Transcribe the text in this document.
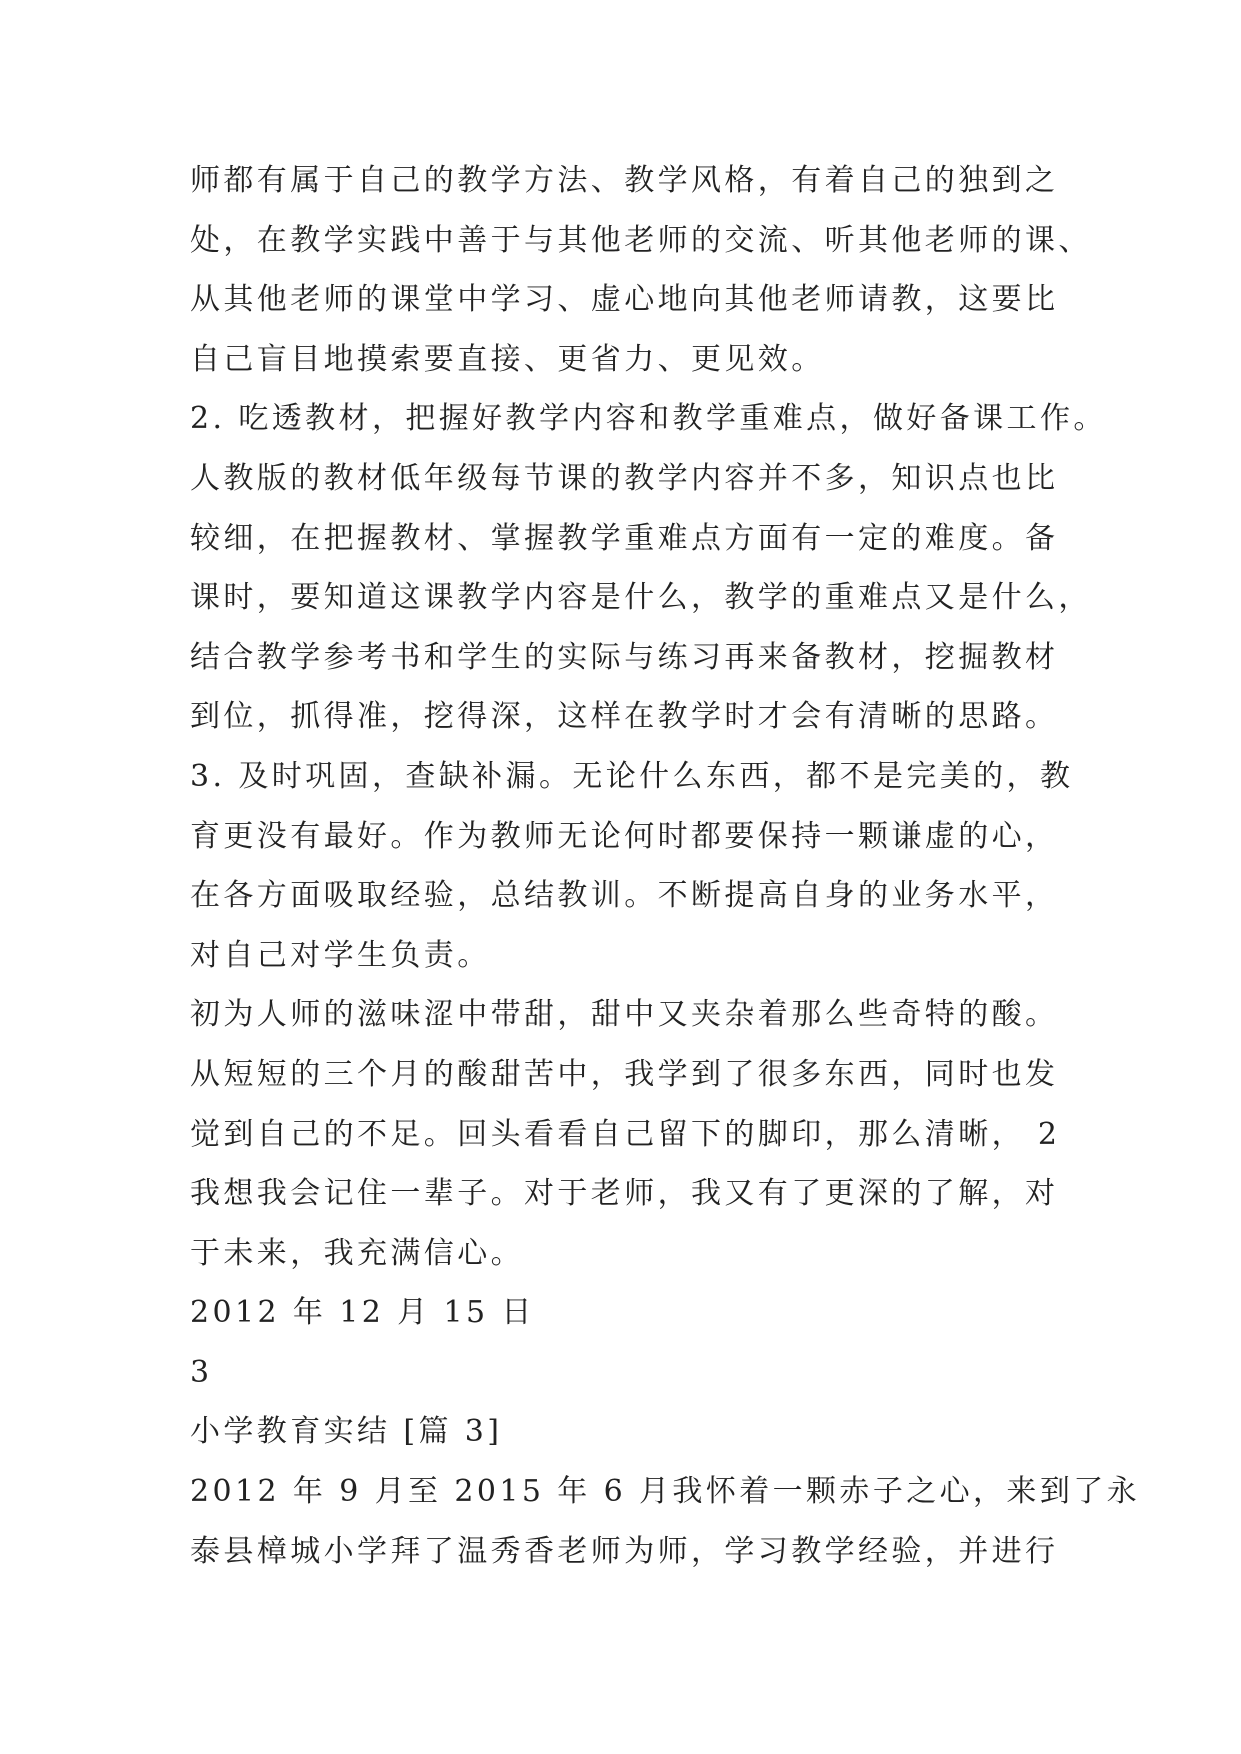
师都有属于自己的教学方法、教学风格，有着自己的独到之
处，在教学实践中善于与其他老师的交流、听其他老师的课、
从其他老师的课堂中学习、虚心地向其他老师请教，这要比
自己盲目地摸索要直接、更省力、更见效。
2. 吃透教材，把握好教学内容和教学重难点，做好备课工作。
人教版的教材低年级每节课的教学内容并不多，知识点也比
较细，在把握教材、掌握教学重难点方面有一定的难度。备
课时，要知道这课教学内容是什么，教学的重难点又是什么，
结合教学参考书和学生的实际与练习再来备教材，挖掘教材
到位，抓得准，挖得深，这样在教学时才会有清晰的思路。
3. 及时巩固，查缺补漏。无论什么东西，都不是完美的，教
育更没有最好。作为教师无论何时都要保持一颗谦虚的心，
在各方面吸取经验，总结教训。不断提高自身的业务水平，
对自己对学生负责。
初为人师的滋味涩中带甜，甜中又夹杂着那么些奇特的酸。
从短短的三个月的酸甜苦中，我学到了很多东西，同时也发
觉到自己的不足。回头看看自己留下的脚印，那么清晰， 2
我想我会记住一辈子。对于老师，我又有了更深的了解，对
于未来，我充满信心。
2012 年 12 月 15 日
3
小学教育实结 [篇 3]
2012 年 9 月至 2015 年 6 月我怀着一颗赤子之心，来到了永
泰县樟城小学拜了温秀香老师为师，学习教学经验，并进行
